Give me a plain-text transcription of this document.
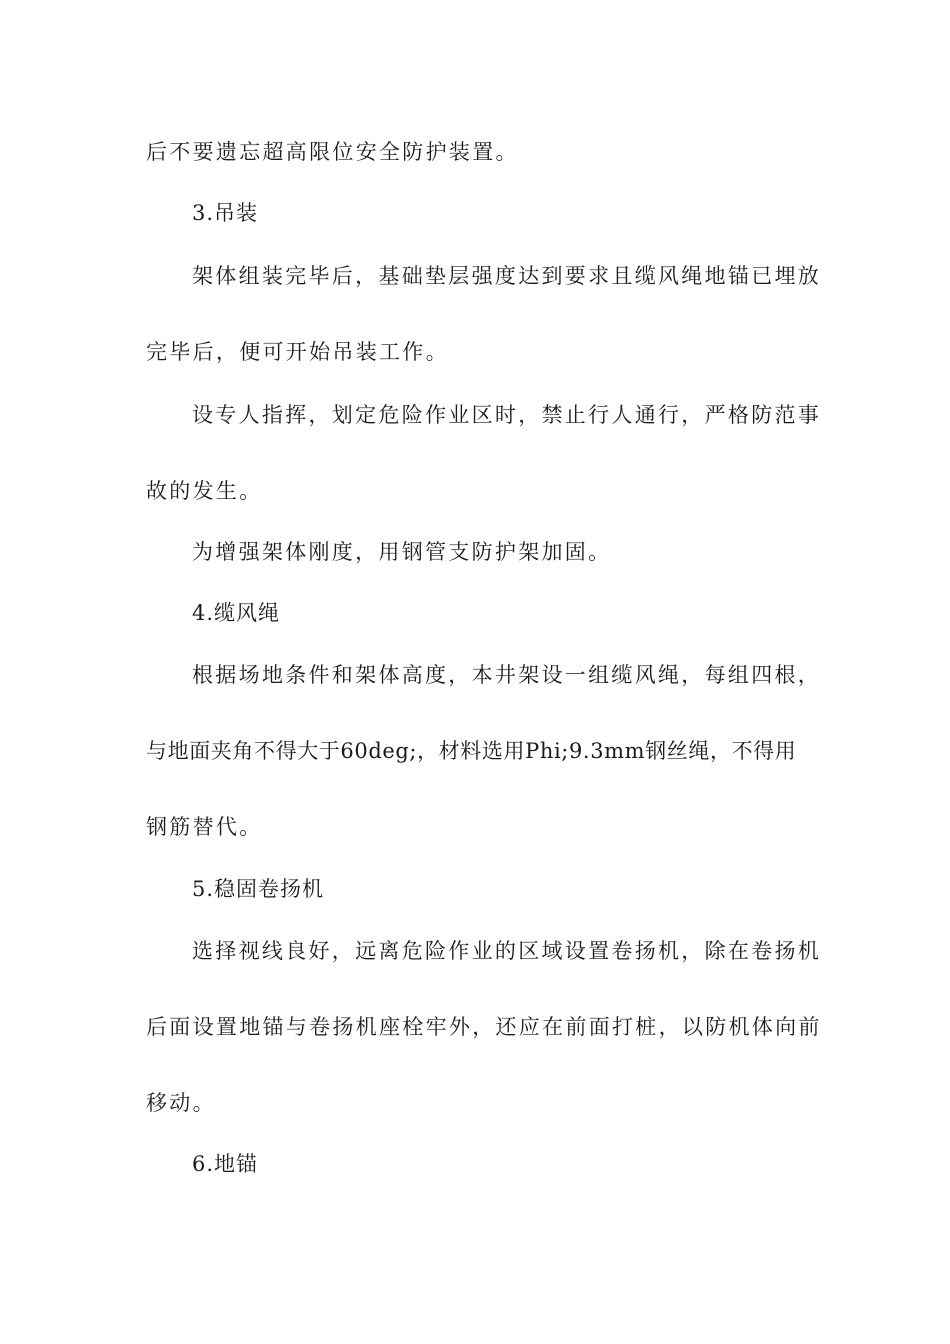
后不要遗忘超高限位安全防护装置。
3.吊装
架体组装完毕后，基础垫层强度达到要求且缆风绳地锚已埋放
完毕后，便可开始吊装工作。
设专人指挥，划定危险作业区时，禁止行人通行，严格防范事
故的发生。
为增强架体刚度，用钢管支防护架加固。
4.缆风绳
根据场地条件和架体高度，本井架设一组缆风绳，每组四根，
与地面夹角不得大于60deg;，材料选用Phi;9.3mm钢丝绳，不得用
钢筋替代。
5.稳固卷扬机
选择视线良好，远离危险作业的区域设置卷扬机，除在卷扬机
后面设置地锚与卷扬机座栓牢外，还应在前面打桩，以防机体向前
移动。
6.地锚
